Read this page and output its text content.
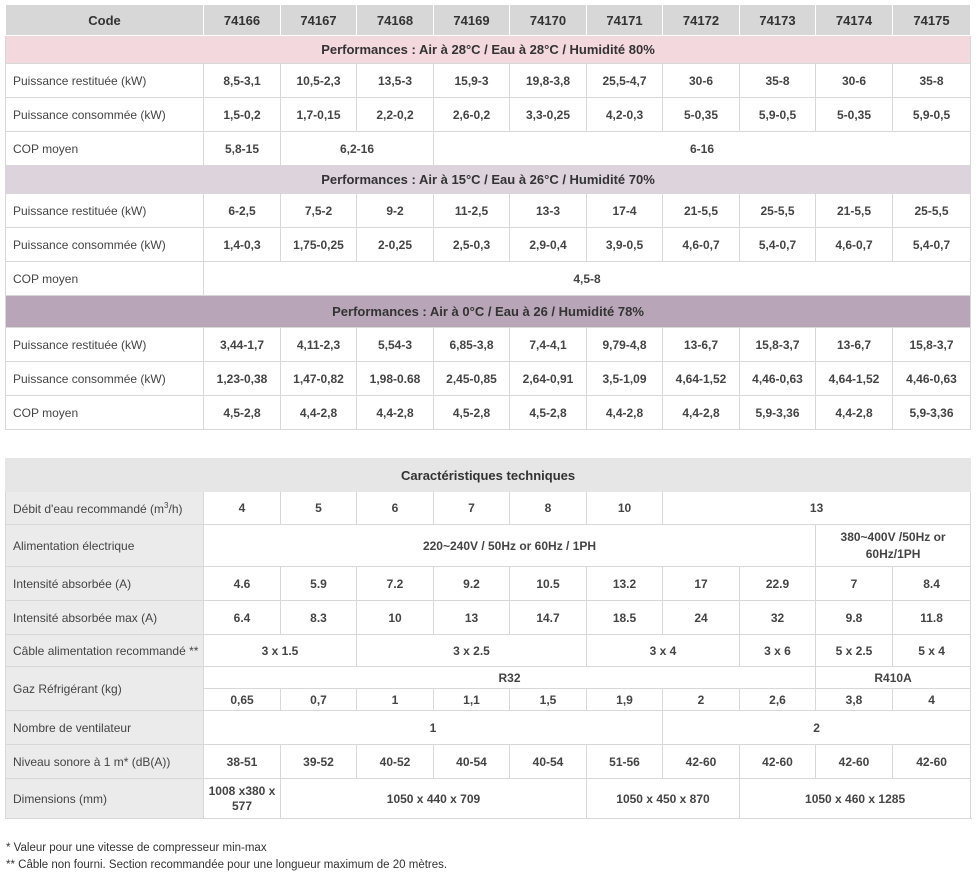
Code	74166	74167	74168	74169	74170	74171	74172	74173	74174	74175
Performances : Air à 28°C / Eau à 28°C / Humidité 80%										
Puissance restituée (kW)	8,5-3,1	10,5-2,3	13,5-3	15,9-3	19,8-3,8	25,5-4,7	30-6	35-8	30-6	35-8
Puissance consommée (kW)	1,5-0,2	1,7-0,15	2,2-0,2	2,6-0,2	3,3-0,25	4,2-0,3	5-0,35	5,9-0,5	5-0,35	5,9-0,5
COP moyen	5,8-15	6,2-16		6-16						
Performances : Air à 15°C / Eau à 26°C / Humidité 70%										
Puissance restituée (kW)	6-2,5	7,5-2	9-2	11-2,5	13-3	17-4	21-5,5	25-5,5	21-5,5	25-5,5
Puissance consommée (kW)	1,4-0,3	1,75-0,25	2-0,25	2,5-0,3	2,9-0,4	3,9-0,5	4,6-0,7	5,4-0,7	4,6-0,7	5,4-0,7
COP moyen	4,5-8									
Performances : Air à 0°C / Eau à 26 / Humidité 78%										
Puissance restituée (kW)	3,44-1,7	4,11-2,3	5,54-3	6,85-3,8	7,4-4,1	9,79-4,8	13-6,7	15,8-3,7	13-6,7	15,8-3,7
Puissance consommée (kW)	1,23-0,38	1,47-0,82	1,98-0.68	2,45-0,85	2,64-0,91	3,5-1,09	4,64-1,52	4,46-0,63	4,64-1,52	4,46-0,63
COP moyen	4,5-2,8	4,4-2,8	4,4-2,8	4,5-2,8	4,5-2,8	4,4-2,8	4,4-2,8	5,9-3,36	4,4-2,8	5,9-3,36
Caractéristiques techniques										
Débit d'eau recommandé $(m^3/h)$	4	5	6	7	8	10	13			
Alimentation électrique	220~240V / 50Hz or 60Hz / 1PH								380~400V /50Hz or 60Hz/1PH	
Intensité absorbée (A)	4.6	5.9	7.2	9.2	10.5	13.2	17	22.9	7	8.4
Intensité absorbée max (A)	6.4	8.3	10	13	14.7	18.5	24	32	9.8	11.8
Câble alimentation recommandé **	3 x 1.5		3 x 2.5			3 x 4		3 x 6	5 x 2.5	5 x 4
Gaz Réfrigérant (kg)	R32								R410A	
	0,65	0,7	1	1,1	1,5	1,9	2	2,6	3,8	4
Nombre de ventilateur	1						2			
Niveau sonore à 1 m* (dB(A))	38-51	39-52	40-52	40-54	40-54	51-56	42-60	42-60	42-60	42-60
Dimensions (mm)	1008 x380 x 577	1050 x 440 x 709				1050 x 450 x 870		1050 x 460 x 1285		
* Valeur pour une vitesse de compresseur min-max
** Câble non fourni. Section recommandée pour une longueur maximum de 20 mètres.
